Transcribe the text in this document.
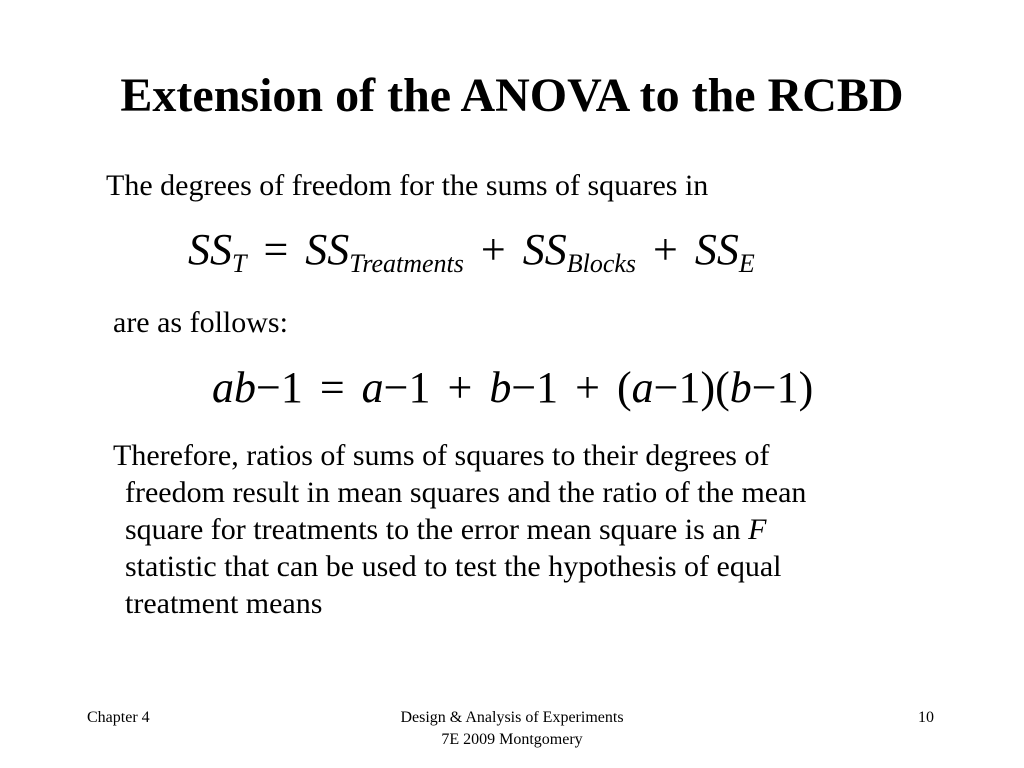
Extension of the ANOVA to the RCBD
The degrees of freedom for the sums of squares in
SST = SSTreatments + SSBlocks + SSE
are as follows:
ab−1 = a−1 + b−1 + (a−1)(b−1)
Therefore, ratios of sums of squares to their degrees of
freedom result in mean squares and the ratio of the mean
square for treatments to the error mean square is an F
statistic that can be used to test the hypothesis of equal
treatment means
Chapter 4	Design & Analysis of Experiments
7E 2009 Montgomery
10
